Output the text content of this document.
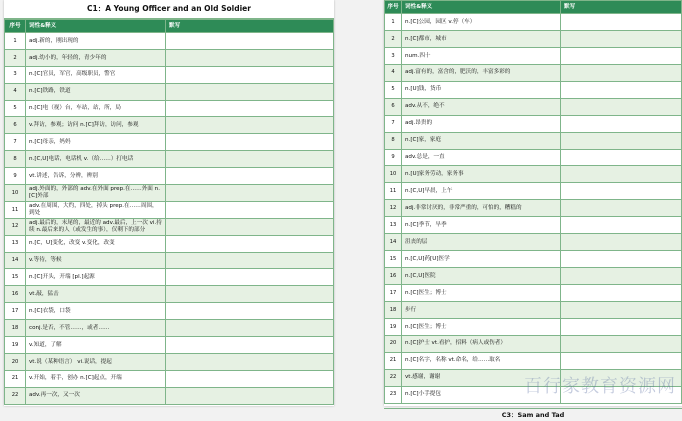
C1：A Young Officer and an Old Soldier
序号	词性&释义	默写
1	adj.新的，刚出现的	
2	adj.幼小的，年轻的，青少年的	
3	n.[C]官员，军官，高级职员，警官	
4	n.[C]铁路，铁道	
5	n.[C]电（视）台，车站，站，所，局	
6	v.拜访，参观；访问 n.[C]拜访，访问，参观	
7	n.[C]母亲，妈妈	
8	n.[C,U]电话，电话机 v.（给……）打电话	
9	vt.讲述，告诉，分辨，辨别	
10	adj.外面的，外部的 adv.在外面 prep.在……外面 n.[C]外部	
11	adv.在周围，大约，四处，掉头 prep.在……周围，到处	
12	adj.最后的，末尾的，最近的 adv.最后，上一次 vi.持续 n.最后来的人（或发生的事），仅剩下的部分	
13	n.[C，U]变化，改变 v.变化，改变	
14	v.等待，等候	
15	n.[C]开头，开端 [pl.]起源	
16	vt.敲，猛击	
17	n.[C]衣袋，口袋	
18	conj.是否，不管……，或者……	
19	v.知道，了解	
20	vt.说（某种语言） vi.说话，提起	
21	v.开始，着手，创办 n.[C]起点，开端	
22	adv.再一次，又一次	
序号	词性&释义	默写
1	n.[C]公园，园区 v.停（车）	
2	n.[C]都市，城市	
3	num.四十	
4	adj.富有的，富含的，肥沃的，丰富多彩的	
5	n.[U]钱，货币	
6	adv.从不，绝不	
7	adj.昂贵的	
8	n.[C]家，家庭	
9	adv.总是，一直	
10	n.[U]家务劳动，家务事	
11	n.[C,U]早晨，上午	
12	adj.非常讨厌的，非常严重的，可怕的，糟糕的	
13	n.[C]季节，旱季	
14	沮丧的层	
15	n.[C,U]药[U]医学	
16	n.[C,U]医院	
17	n.[C]医生；博士	
18	步行	
19	n.[C]医生；博士	
20	n.[C]护士 vt.看护，招料（病人或伤者）	
21	n.[C]名字，名称 vt.命名，给……取名	
22	vt.感谢，谢谢	
23	n.[C]小手提包	
C3：Sam and Tad
百行家教育资源网
